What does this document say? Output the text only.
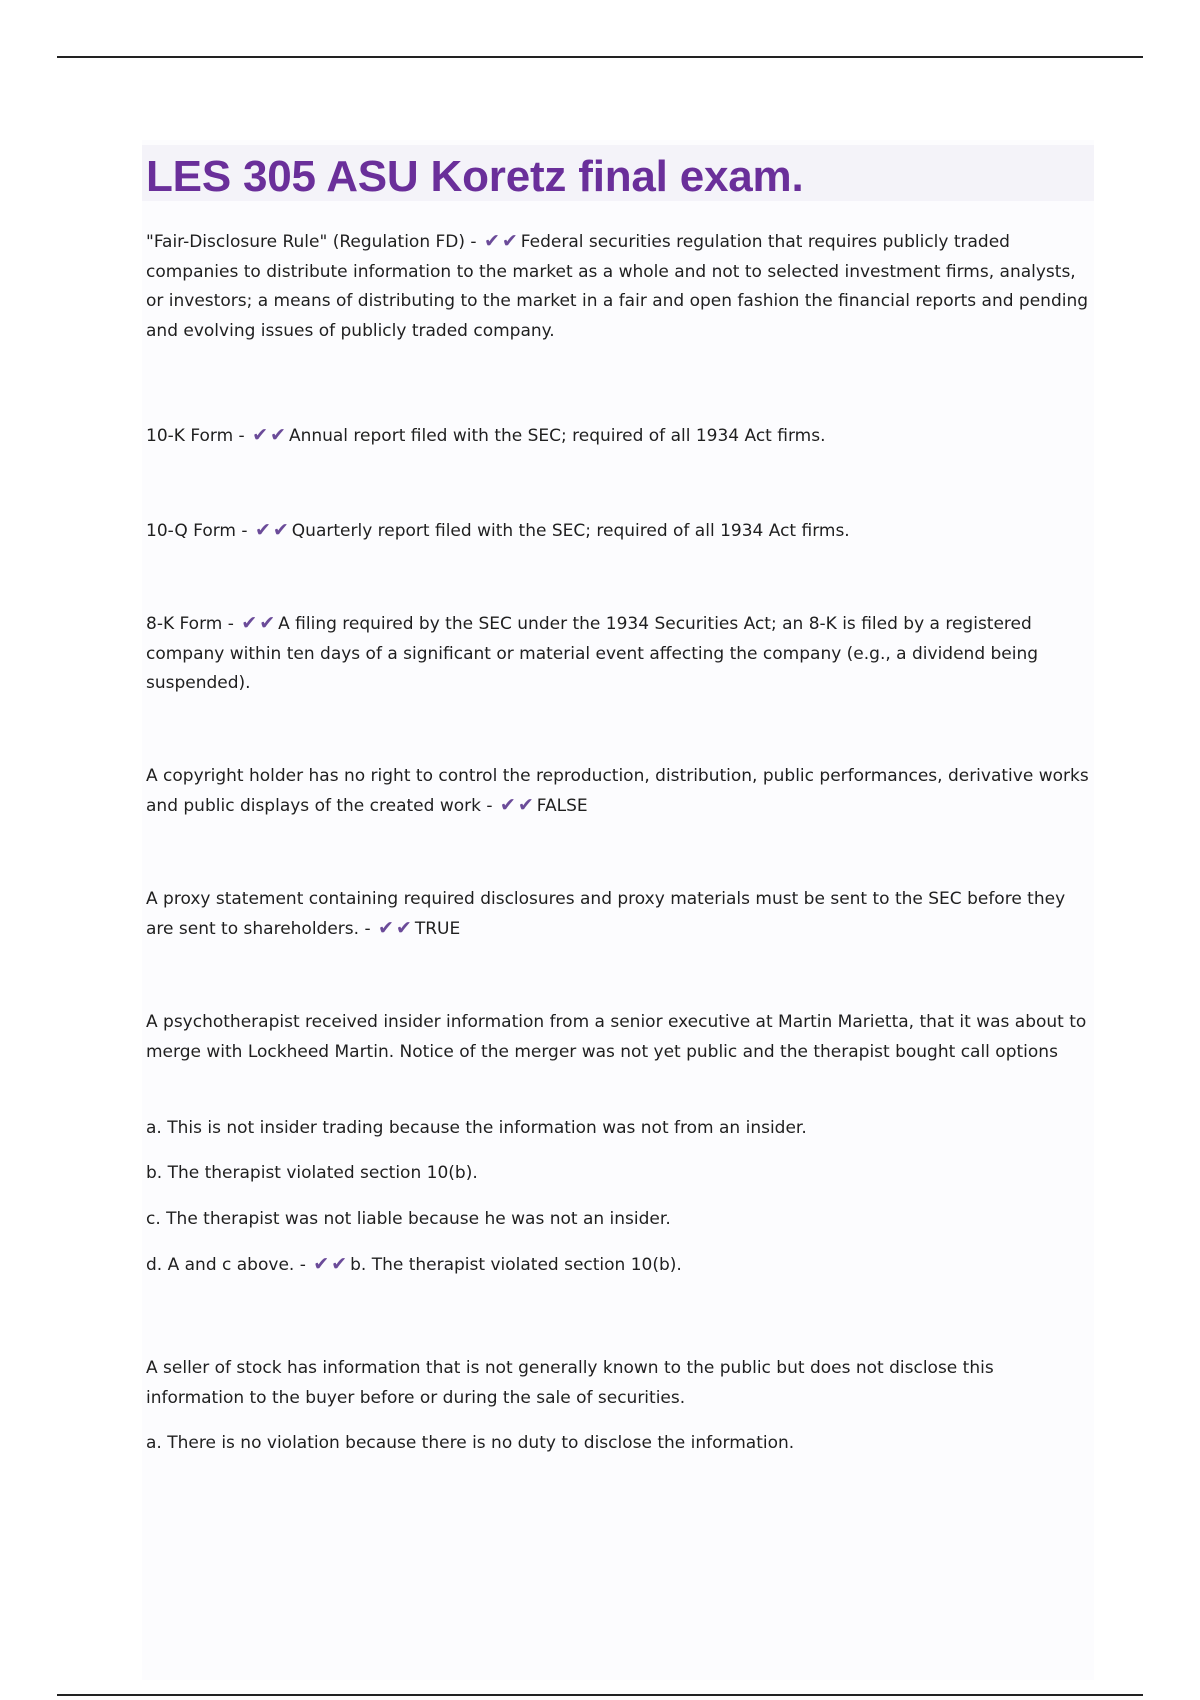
LES 305 ASU Koretz final exam.

"Fair-Disclosure Rule" (Regulation FD) - ✔ ✔ Federal securities regulation that requires publicly traded companies to distribute information to the market as a whole and not to selected investment firms, analysts, or investors; a means of distributing to the market in a fair and open fashion the financial reports and pending and evolving issues of publicly traded company.

10-K Form - ✔ ✔ Annual report filed with the SEC; required of all 1934 Act firms.

10-Q Form - ✔ ✔ Quarterly report filed with the SEC; required of all 1934 Act firms.

8-K Form - ✔ ✔ A filing required by the SEC under the 1934 Securities Act; an 8-K is filed by a registered company within ten days of a significant or material event affecting the company (e.g., a dividend being suspended).

A copyright holder has no right to control the reproduction, distribution, public performances, derivative works and public displays of the created work - ✔ ✔ FALSE

A proxy statement containing required disclosures and proxy materials must be sent to the SEC before they are sent to shareholders. - ✔ ✔ TRUE

A psychotherapist received insider information from a senior executive at Martin Marietta, that it was about to merge with Lockheed Martin. Notice of the merger was not yet public and the therapist bought call options

a. This is not insider trading because the information was not from an insider.

b. The therapist violated section 10(b).

c. The therapist was not liable because he was not an insider.

d. A and c above. - ✔ ✔ b. The therapist violated section 10(b).

A seller of stock has information that is not generally known to the public but does not disclose this information to the buyer before or during the sale of securities.

a. There is no violation because there is no duty to disclose the information.
